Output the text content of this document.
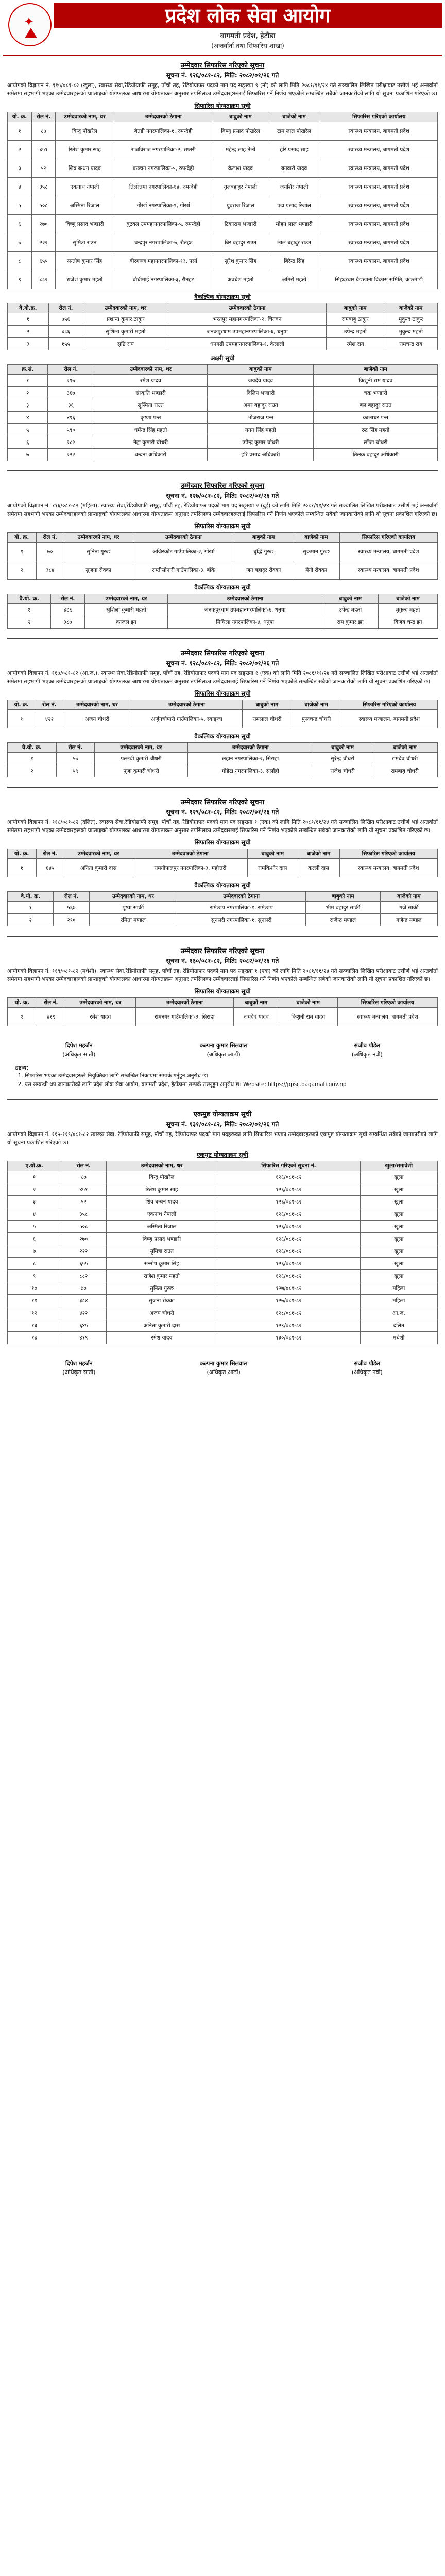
✦	प्रदेश लोक सेवा आयोग
बागमती प्रदेश, हेटौंडा
(अन्तर्वार्ता तथा सिफारिस शाखा)
उम्मेदवार सिफारिस गरिएको सूचना
सूचना नं. १२६/०८१-८२, मिति: २०८२/०१/२६ गते

आयोगको विज्ञापन नं. ११५/०८१-८२ (खुला), स्वास्थ्य सेवा,रेडियोग्राफी समूह, पाँचौं तह, रेडियोग्राफर पदको माग पद सङ्ख्या ९ (नौ) को लागि मिति २०८१/११/२४ गते सञ्चालित लिखित परीक्षाबाट उत्तीर्ण भई अन्तर्वार्ता समेतमा सहभागी भएका उम्मेदवारहरूको प्राप्ताङ्कको योगफलका आधारमा योग्यताक्रम अनुसार तपसिलका उम्मेदवारहरूलाई सिफारिस गर्ने निर्णय भएकोले सम्बन्धित सबैको जानकारीको लागि यो सूचना प्रकाशित गरिएको छ।

सिफारिस योग्यताक्रम सूची
यो. क्र.	रोल नं.	उम्मेदवारको नाम, थर	उम्मेदवारको ठेगाना	बाबुको नाम	बाजेको नाम	सिफारिस गरिएको कार्यालय
१	८७	बिन्दु पोखरेल	बैतडी नगरपालिका-१, रुपन्देही	विष्णु प्रसाद पोखरेल	टाम लाल पोखरेल	स्वास्थ्य मन्त्रालय, बागमती प्रदेश
२	४५१	रितेश कुमार साह	राजविराज नगरपालिका-२, सप्तरी	महेन्द्र साह तेली	हरि प्रसाद साह	स्वास्थ्य मन्त्रालय, बागमती प्रदेश
३	५२	शिव बन्धन यादव	कञ्चन नगरपालिका-५, रुपन्देही	कैलाश यादव	बनवारी यादव	स्वास्थ्य मन्त्रालय, बागमती प्रदेश
४	३५८	एकनाथ नेपाली	तिलोत्तमा नगरपालिका-१४, रुपन्देही	तुलबहादुर नेपाली	जयशिर नेपाली	स्वास्थ्य मन्त्रालय, बागमती प्रदेश
५	५०८	अस्मिता रिजाल	गोर्खा नगरपालिका-९, गोर्खा	युवराज रिजाल	पद्म प्रसाद रिजाल	स्वास्थ्य मन्त्रालय, बागमती प्रदेश
६	२७०	विष्णु प्रसाद भण्डारी	बुटवल उपमहानगरपालिका-५, रुपन्देही	टिकाराम भण्डारी	मोहन लाल भण्डारी	स्वास्थ्य मन्त्रालय, बागमती प्रदेश
७	२२२	सुमित्रा राउत	चन्द्रपुर नगरपालिका-७, रौतहट	बिर बहादुर राउत	लाल बहादुर राउत	स्वास्थ्य मन्त्रालय, बागमती प्रदेश
८	६५५	सन्तोष कुमार सिंह	बीरगञ्ज महानगरपालिका-१३, पर्सा	सुरेश कुमार सिंह	बिरेन्द्र सिंह	स्वास्थ्य मन्त्रालय, बागमती प्रदेश
९	८८२	राजेश कुमार महतो	बौधीमाई नगरपालिका-३, रौतहट	अवधेश महतो	अमिरी महतो	सिंहदरबार वैद्यखाना विकास समिति, काठमाडौं
वैकल्पिक योग्यताक्रम सूची
वै.यो.क्र.	रोल नं.	उम्मेदवारको नाम, थर	उम्मेदवारको ठेगाना	बाबुको नाम	बाजेको नाम
१	७५६	प्रशान्त कुमार ठाकुर	भरतपुर महानगरपालिका-२, चितवन	रामबाबु ठाकुर	मुकुन्द ठाकुर
२	४८६	सुशिला कुमारी महतो	जनकपुरधाम उपमहानगरपालिका-६, धनुषा	उपेन्द्र महतो	मुकुन्द महतो
३	१५५	सृष्टि राय	धनगढी उपमहानगरपालिका-१, कैलाली	रमेश राय	रामचन्द्र राय
अक्षरी सूची
क्र.सं.	रोल नं.	उम्मेदवारको नाम, थर	बाबुको नाम	बाजेको नाम
१	२१७	रमेश यादव	जयदेव यादव	किशुनी राम यादव
२	३६७	संस्कृति भण्डारी	दिलिप भण्डारी	चक्र भण्डारी
३	३६	सुस्मिता राउत	अमर बहादुर राउत	बल बहादुर राउत
४	४९६	कृष्णा पन्त	भोजराज पन्त	कालाधर पन्त
५	५९०	धर्मेन्द्र सिंह महतो	गगन सिंह महतो	रुद्र सिंह महतो
६	२८२	नेहा कुमारी चौधरी	उपेन्द्र कुमार चौधरी	लौंजा चौधरी
७	२२२	बन्दना अधिकारी	हरि प्रसाद अधिकारी	तिलक बहादुर अधिकारी
उम्मेदवार सिफारिस गरिएको सूचना
सूचना नं. १२७/०८१-८२, मिति: २०८२/०१/२६ गते

आयोगको विज्ञापन नं. ११६/०८१-८२ (महिला), स्वास्थ्य सेवा,रेडियोग्राफी समूह, पाँचौं तह, रेडियोग्राफर पदको माग पद सङ्ख्या २ (दुई) को लागि मिति २०८१/११/२४ गते सञ्चालित लिखित परीक्षाबाट उत्तीर्ण भई अन्तर्वार्ता समेतमा सहभागी भएका उम्मेदवारहरूको प्राप्ताङ्कको योगफलका आधारमा योग्यताक्रम अनुसार तपसिलका उम्मेदवारहरूलाई सिफारिस गर्ने निर्णय भएकोले सम्बन्धित सबैको जानकारीको लागि यो सूचना प्रकाशित गरिएको छ।

सिफारिस योग्यताक्रम सूची
यो. क्र.	रोल नं.	उम्मेदवारको नाम, थर	उम्मेदवारको ठेगाना	बाबुको नाम	बाजेको नाम	सिफारिस गरिएको कार्यालय
१	७०	सुनिता गुरुङ	अजिरकोट गाउँपालिका-२, गोर्खा	बुद्धि गुरुङ	सुकमान गुरुङ	स्वास्थ्य मन्त्रालय, बागमती प्रदेश
२	३८४	सुजना रोक्का	राप्तीसोनारी गाउँपालिका-३, बाँके	जन बहादुर रोक्का	मैनी रोक्का	स्वास्थ्य मन्त्रालय, बागमती प्रदेश
वैकल्पिक योग्यताक्रम सूची
वै.यो. क्र.	रोल नं.	उम्मेदवारको नाम, थर	उम्मेदवारको ठेगाना	बाबुको नाम	बाजेको नाम
१	४८६	सुशिला कुमारी महतो	जनकपुरधाम उपमहानगरपालिका-६, धनुषा	उपेन्द्र महतो	मुकुन्द महतो
२	३८७	काजल झा	मिथिला नगरपालिका-४, धनुषा	राम कुमार झा	बिजय चन्द्र झा
उम्मेदवार सिफारिस गरिएको सूचना
सूचना नं. १२८/०८१-८२, मिति: २०८२/०१/२६ गते

आयोगको विज्ञापन नं. ११७/०८१-८२ (आ.ज.), स्वास्थ्य सेवा,रेडियोग्राफी समूह, पाँचौं तह, रेडियोग्राफर पदको माग पद सङ्ख्या १ (एक) को लागि मिति २०८१/११/२४ गते सञ्चालित लिखित परीक्षाबाट उत्तीर्ण भई अन्तर्वार्ता समेतमा सहभागी भएका उम्मेदवारहरूको प्राप्ताङ्कको योगफलका आधारमा योग्यताक्रम अनुसार तपसिलका उम्मेदवारलाई सिफारिस गर्ने निर्णय भएकोले सम्बन्धित सबैको जानकारीको लागि यो सूचना प्रकाशित गरिएको छ।

सिफारिस योग्यताक्रम सूची
यो. क्र.	रोल नं.	उम्मेदवारको नाम, थर	उम्मेदवारको ठेगाना	बाबुको नाम	बाजेको नाम	सिफारिस गरिएको कार्यालय
१	४२२	अजय चौधरी	अर्जुनचौपारी गाउँपालिका-५, स्याङ्जा	रामलाल चौधरी	फुलचन्द्र चौधरी	स्वास्थ्य मन्त्रालय, बागमती प्रदेश
वैकल्पिक योग्यताक्रम सूची
वै.यो. क्र.	रोल नं.	उम्मेदवारको नाम, थर	उम्मेदवारको ठेगाना	बाबुको नाम	बाजेको नाम
१	५७	पल्लवी कुमारी चौधरी	लहान नगरपालिका-२, सिराहा	सुरेन्द्र चौधरी	रामदेव चौधरी
२	५९	पूजा कुमारी चौधरी	गोडैटा नगरपालिका-३, सर्लाही	राजेश चौधरी	रामबाबु चौधरी
उम्मेदवार सिफारिस गरिएको सूचना
सूचना नं. १२९/०८१-८२, मिति: २०८२/०१/२६ गते

आयोगको विज्ञापन नं. ११८/०८१-८२ (दलित), स्वास्थ्य सेवा,रेडियोग्राफी समूह, पाँचौं तह, रेडियोग्राफर पदको माग पद सङ्ख्या १ (एक) को लागि मिति २०८१/११/२४ गते सञ्चालित लिखित परीक्षाबाट उत्तीर्ण भई अन्तर्वार्ता समेतमा सहभागी भएका उम्मेदवारहरूको प्राप्ताङ्कको योगफलका आधारमा योग्यताक्रम अनुसार तपसिलका उम्मेदवारलाई सिफारिस गर्ने निर्णय भएकोले सम्बन्धित सबैको जानकारीको लागि यो सूचना प्रकाशित गरिएको छ।

सिफारिस योग्यताक्रम सूची
यो. क्र.	रोल नं.	उम्मेदवारको नाम, थर	उम्मेदवारको ठेगाना	बाबुको नाम	बाजेको नाम	सिफारिस गरिएको कार्यालय
१	६४५	अनिता कुमारी दास	रामगोपालपुर नगरपालिका-३, महोत्तरी	रामकिशोर दास	कल्ली दास	स्वास्थ्य मन्त्रालय, बागमती प्रदेश
वैकल्पिक योग्यताक्रम सूची
वै.यो. क्र.	रोल नं.	उम्मेदवारको नाम, थर	उम्मेदवारको ठेगाना	बाबुको नाम	बाजेको नाम
१	५६७	पुष्पा सार्की	रामेछाप नगरपालिका-१, रामेछाप	भीम बहादुर सार्की	गजे सार्की
२	२९०	रमिता मण्डल	सुनसरी नगरपालिका-१, सुनसरी	राजेन्द्र मण्डल	गजेन्द्र मण्डल
उम्मेदवार सिफारिस गरिएको सूचना
सूचना नं. १३०/०८१-८२, मिति: २०८२/०१/२६ गते

आयोगको विज्ञापन नं. ११९/०८१-८२ (मधेशी), स्वास्थ्य सेवा,रेडियोग्राफी समूह, पाँचौं तह, रेडियोग्राफर पदको माग पद सङ्ख्या १ (एक) को लागि मिति २०८१/११/२४ गते सञ्चालित लिखित परीक्षाबाट उत्तीर्ण भई अन्तर्वार्ता समेतमा सहभागी भएका उम्मेदवारहरूको प्राप्ताङ्कको योगफलका आधारमा योग्यताक्रम अनुसार तपसिलका उम्मेदवारलाई सिफारिस गर्ने निर्णय भएकोले सम्बन्धित सबैको जानकारीको लागि यो सूचना प्रकाशित गरिएको छ।

सिफारिस योग्यताक्रम सूची
यो. क्र.	रोल नं.	उम्मेदवारको नाम, थर	उम्मेदवारको ठेगाना	बाबुको नाम	बाजेको नाम	सिफारिस गरिएको कार्यालय
१	४१९	रमेश यादव	रामनगर गाउँपालिका-३, सिराहा	जयदेव यादव	किशुनी राम यादव	स्वास्थ्य मन्त्रालय, बागमती प्रदेश
दिपेश महर्जन
(अधिकृत सातौं)
कल्पना कुमार सिलवाल
(अधिकृत आठौं)
संजीव पौडेल
(अधिकृत नवौं)
द्रष्टव्य:
1. सिफारिस भएका उम्मेदवारहरूले नियुक्तिका लागि सम्बन्धित निकायमा सम्पर्क गर्नुहुन अनुरोध छ।
2. यस सम्बन्धी थप जानकारीको लागि प्रदेश लोक सेवा आयोग, बागमती प्रदेश, हेटौंडामा सम्पर्क राख्नुहुन अनुरोध छ। Website: https://ppsc.bagamati.gov.np
एकमुष्ट योग्यताक्रम सूची
सूचना नं. १३१/०८१-८२, मिति: २०८२/०१/२६ गते

आयोगको विज्ञापन नं. ११५-११९/०८१-८२ स्वास्थ्य सेवा, रेडियोग्राफी समूह, पाँचौं तह, रेडियोग्राफर पदको माग पदहरूका लागि सिफारिस भएका उम्मेदवारहरूको एकमुष्ट योग्यताक्रम सूची सम्बन्धित सबैको जानकारीको लागि यो सूचना प्रकाशित गरिएको छ।

एकमुष्ट योग्यताक्रम सूची
ए.यो.क्र.	रोल नं.	उम्मेदवारको नाम, थर	सिफारिस गरिएको सूचना नं.	खुला/समावेशी
१	८७	बिन्दु पोखरेल	१२६/०८१-८२	खुला
२	४५१	रितेश कुमार साह	१२६/०८१-८२	खुला
३	५२	शिव बन्धन यादव	१२६/०८१-८२	खुला
४	३५८	एकनाथ नेपाली	१२६/०८१-८२	खुला
५	५०८	अस्मिता रिजाल	१२६/०८१-८२	खुला
६	२७०	विष्णु प्रसाद भण्डारी	१२६/०८१-८२	खुला
७	२२२	सुमित्रा राउत	१२६/०८१-८२	खुला
८	६५५	सन्तोष कुमार सिंह	१२६/०८१-८२	खुला
९	८८२	राजेश कुमार महतो	१२६/०८१-८२	खुला
१०	७०	सुनिता गुरुङ	१२७/०८१-८२	महिला
११	३८४	सुजना रोक्का	१२७/०८१-८२	महिला
१२	४२२	अजय चौधरी	१२८/०८१-८२	आ.ज.
१३	६४५	अनिता कुमारी दास	१२९/०८१-८२	दलित
१४	४१९	रमेश यादव	१३०/०८१-८२	मधेशी
दिपेश महर्जन
(अधिकृत सातौं)
कल्पना कुमार सिलवाल
(अधिकृत आठौं)
संजीव पौडेल
(अधिकृत नवौं)
